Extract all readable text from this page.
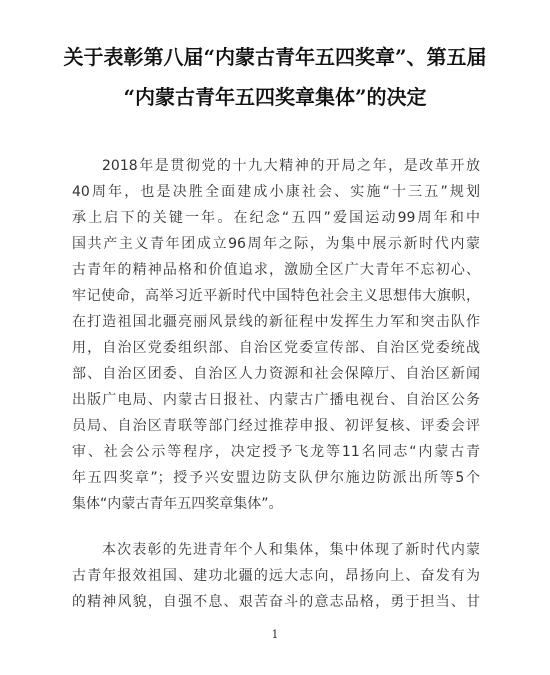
关于表彰第八届“内蒙古青年五四奖章”、第五届
“内蒙古青年五四奖章集体”的决定
2018年是贯彻党的十九大精神的开局之年，是改革开放
40周年，也是决胜全面建成小康社会、实施“十三五”规划
承上启下的关键一年。在纪念“五四”爱国运动99周年和中
国共产主义青年团成立96周年之际，为集中展示新时代内蒙
古青年的精神品格和价值追求，激励全区广大青年不忘初心、
牢记使命，高举习近平新时代中国特色社会主义思想伟大旗帜，
在打造祖国北疆亮丽风景线的新征程中发挥生力军和突击队作
用，自治区党委组织部、自治区党委宣传部、自治区党委统战
部、自治区团委、自治区人力资源和社会保障厅、自治区新闻
出版广电局、内蒙古日报社、内蒙古广播电视台、自治区公务
员局、自治区青联等部门经过推荐申报、初评复核、评委会评
审、社会公示等程序，决定授予飞龙等11名同志“内蒙古青
年五四奖章”；授予兴安盟边防支队伊尔施边防派出所等5个
集体“内蒙古青年五四奖章集体”。
本次表彰的先进青年个人和集体，集中体现了新时代内蒙
古青年报效祖国、建功北疆的远大志向，昂扬向上、奋发有为
的精神风貌，自强不息、艰苦奋斗的意志品格，勇于担当、甘
1
